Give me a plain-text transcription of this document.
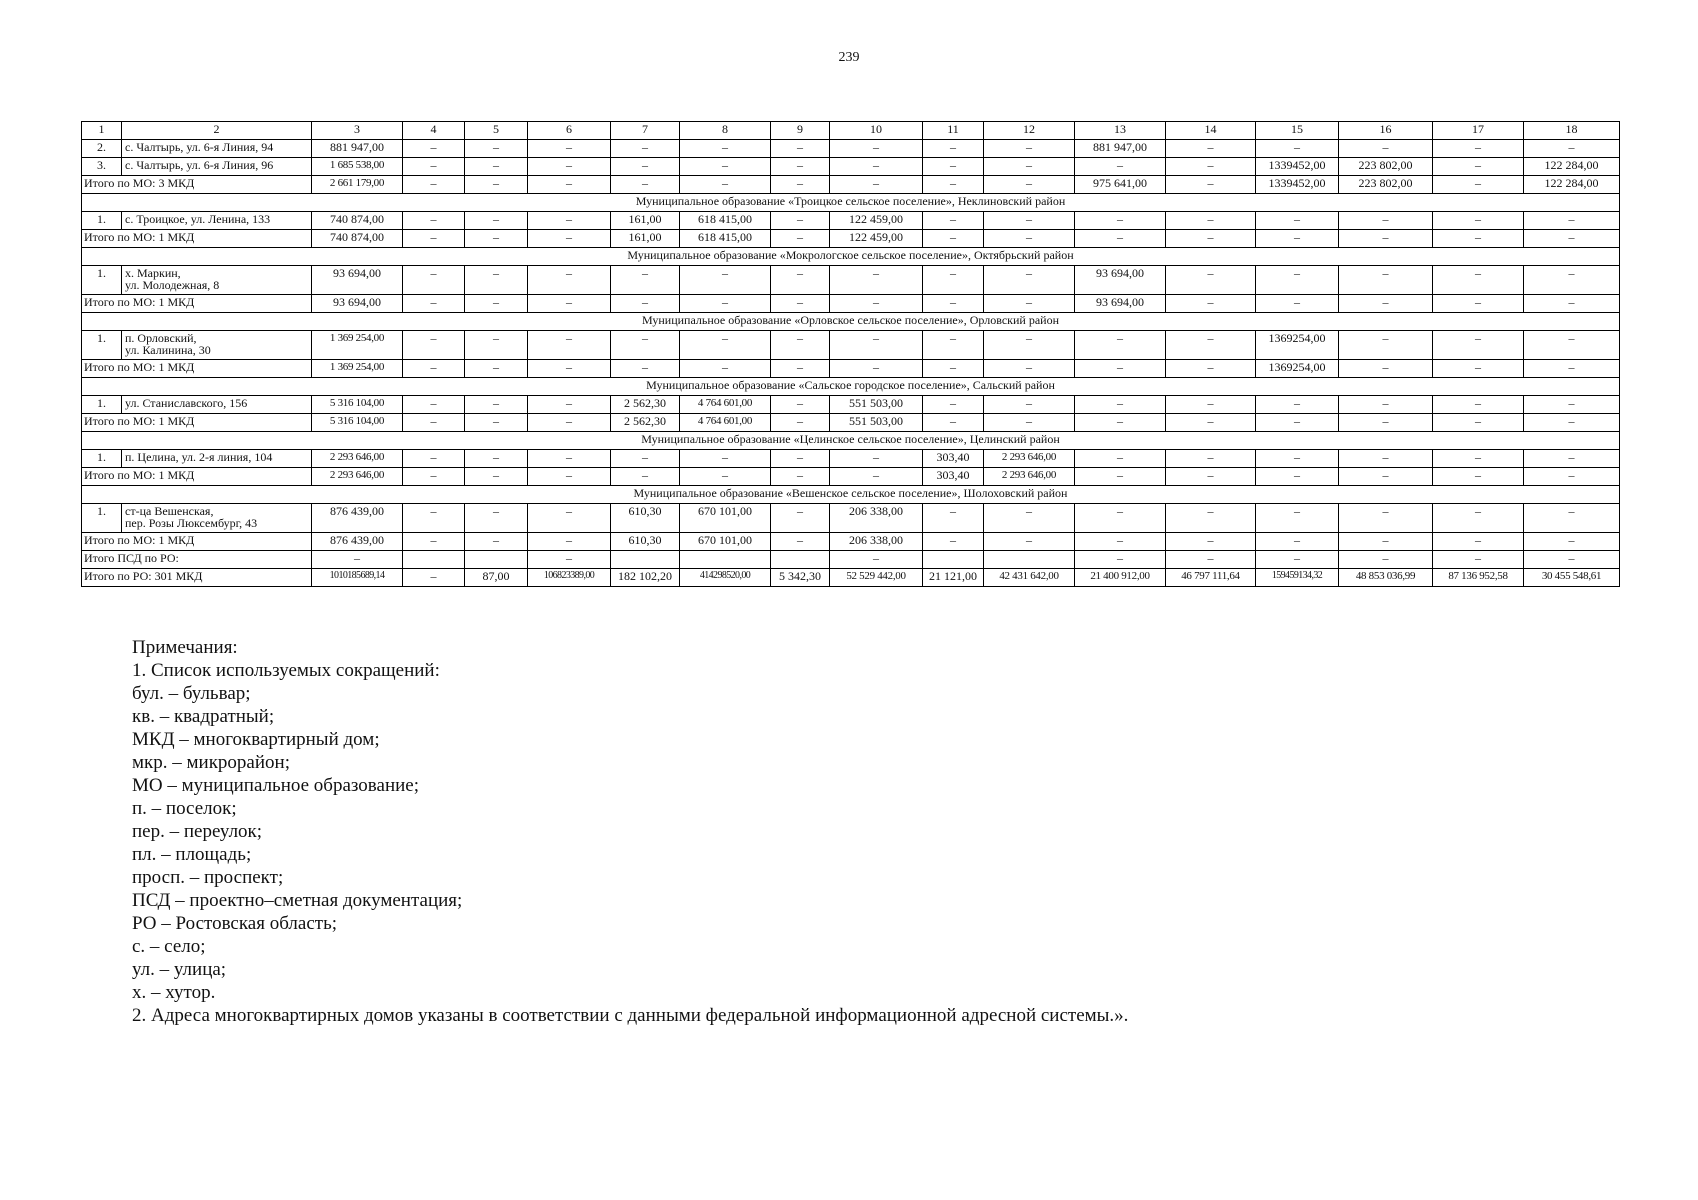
239
1	2	3	4	5	6	7	8	9	10	11	12	13	14	15	16	17	18
2.	с. Чалтырь, ул. 6-я Линия, 94	881 947,00	–	–	–	–	–	–	–	–	–	881 947,00	–	–	–	–	–
3.	с. Чалтырь, ул. 6-я Линия, 96	1 685 538,00	–	–	–	–	–	–	–	–	–	–	–	1339452,00	223 802,00	–	122 284,00
Итого по МО: 3 МКД		2 661 179,00	–	–	–	–	–	–	–	–	–	975 641,00	–	1339452,00	223 802,00	–	122 284,00
Муниципальное образование «Троицкое сельское поселение», Неклиновский район																	
1.	с. Троицкое, ул. Ленина, 133	740 874,00	–	–	–	161,00	618 415,00	–	122 459,00	–	–	–	–	–	–	–	–
Итого по МО: 1 МКД		740 874,00	–	–	–	161,00	618 415,00	–	122 459,00	–	–	–	–	–	–	–	–
Муниципальное образование «Мокрологское сельское поселение», Октябрьский район																	
1.	х. Маркин,
ул. Молодежная, 8	93 694,00	–	–	–	–	–	–	–	–	–	93 694,00	–	–	–	–	–
Итого по МО: 1 МКД		93 694,00	–	–	–	–	–	–	–	–	–	93 694,00	–	–	–	–	–
Муниципальное образование «Орловское сельское поселение», Орловский район																	
1.	п. Орловский,
ул. Калинина, 30	1 369 254,00	–	–	–	–	–	–	–	–	–	–	–	1369254,00	–	–	–
Итого по МО: 1 МКД		1 369 254,00	–	–	–	–	–	–	–	–	–	–	–	1369254,00	–	–	–
Муниципальное образование «Сальское городское поселение», Сальский район																	
1.	ул. Станиславского, 156	5 316 104,00	–	–	–	2 562,30	4 764 601,00	–	551 503,00	–	–	–	–	–	–	–	–
Итого по МО: 1 МКД		5 316 104,00	–	–	–	2 562,30	4 764 601,00	–	551 503,00	–	–	–	–	–	–	–	–
Муниципальное образование «Целинское сельское поселение», Целинский район																	
1.	п. Целина, ул. 2-я линия, 104	2 293 646,00	–	–	–	–	–	–	–	303,40	2 293 646,00	–	–	–	–	–	–
Итого по МО: 1 МКД		2 293 646,00	–	–	–	–	–	–	–	303,40	2 293 646,00	–	–	–	–	–	–
Муниципальное образование «Вешенское сельское поселение», Шолоховский район																	
1.	ст-ца Вешенская,
пер. Розы Люксембург, 43	876 439,00	–	–	–	610,30	670 101,00	–	206 338,00	–	–	–	–	–	–	–	–
Итого по МО: 1 МКД		876 439,00	–	–	–	610,30	670 101,00	–	206 338,00	–	–	–	–	–	–	–	–
Итого ПСД по РО:		–			–				–			–	–	–	–	–	–
Итого по РО: 301 МКД		1010185689,14	–	87,00	106823389,00	182 102,20	414298520,00	5 342,30	52 529 442,00	21 121,00	42 431 642,00	21 400 912,00	46 797 111,64	159459134,32	48 853 036,99	87 136 952,58	30 455 548,61
Примечания:
1. Список используемых сокращений:
бул. – бульвар;
кв. – квадратный;
МКД – многоквартирный дом;
мкр. – микрорайон;
МО – муниципальное образование;
п. – поселок;
пер. – переулок;
пл. – площадь;
просп. – проспект;
ПСД – проектно–сметная документация;
РО – Ростовская область;
с. – село;
ул. – улица;
х. – хутор.
2. Адреса многоквартирных домов указаны в соответствии с данными федеральной информационной адресной системы.».
